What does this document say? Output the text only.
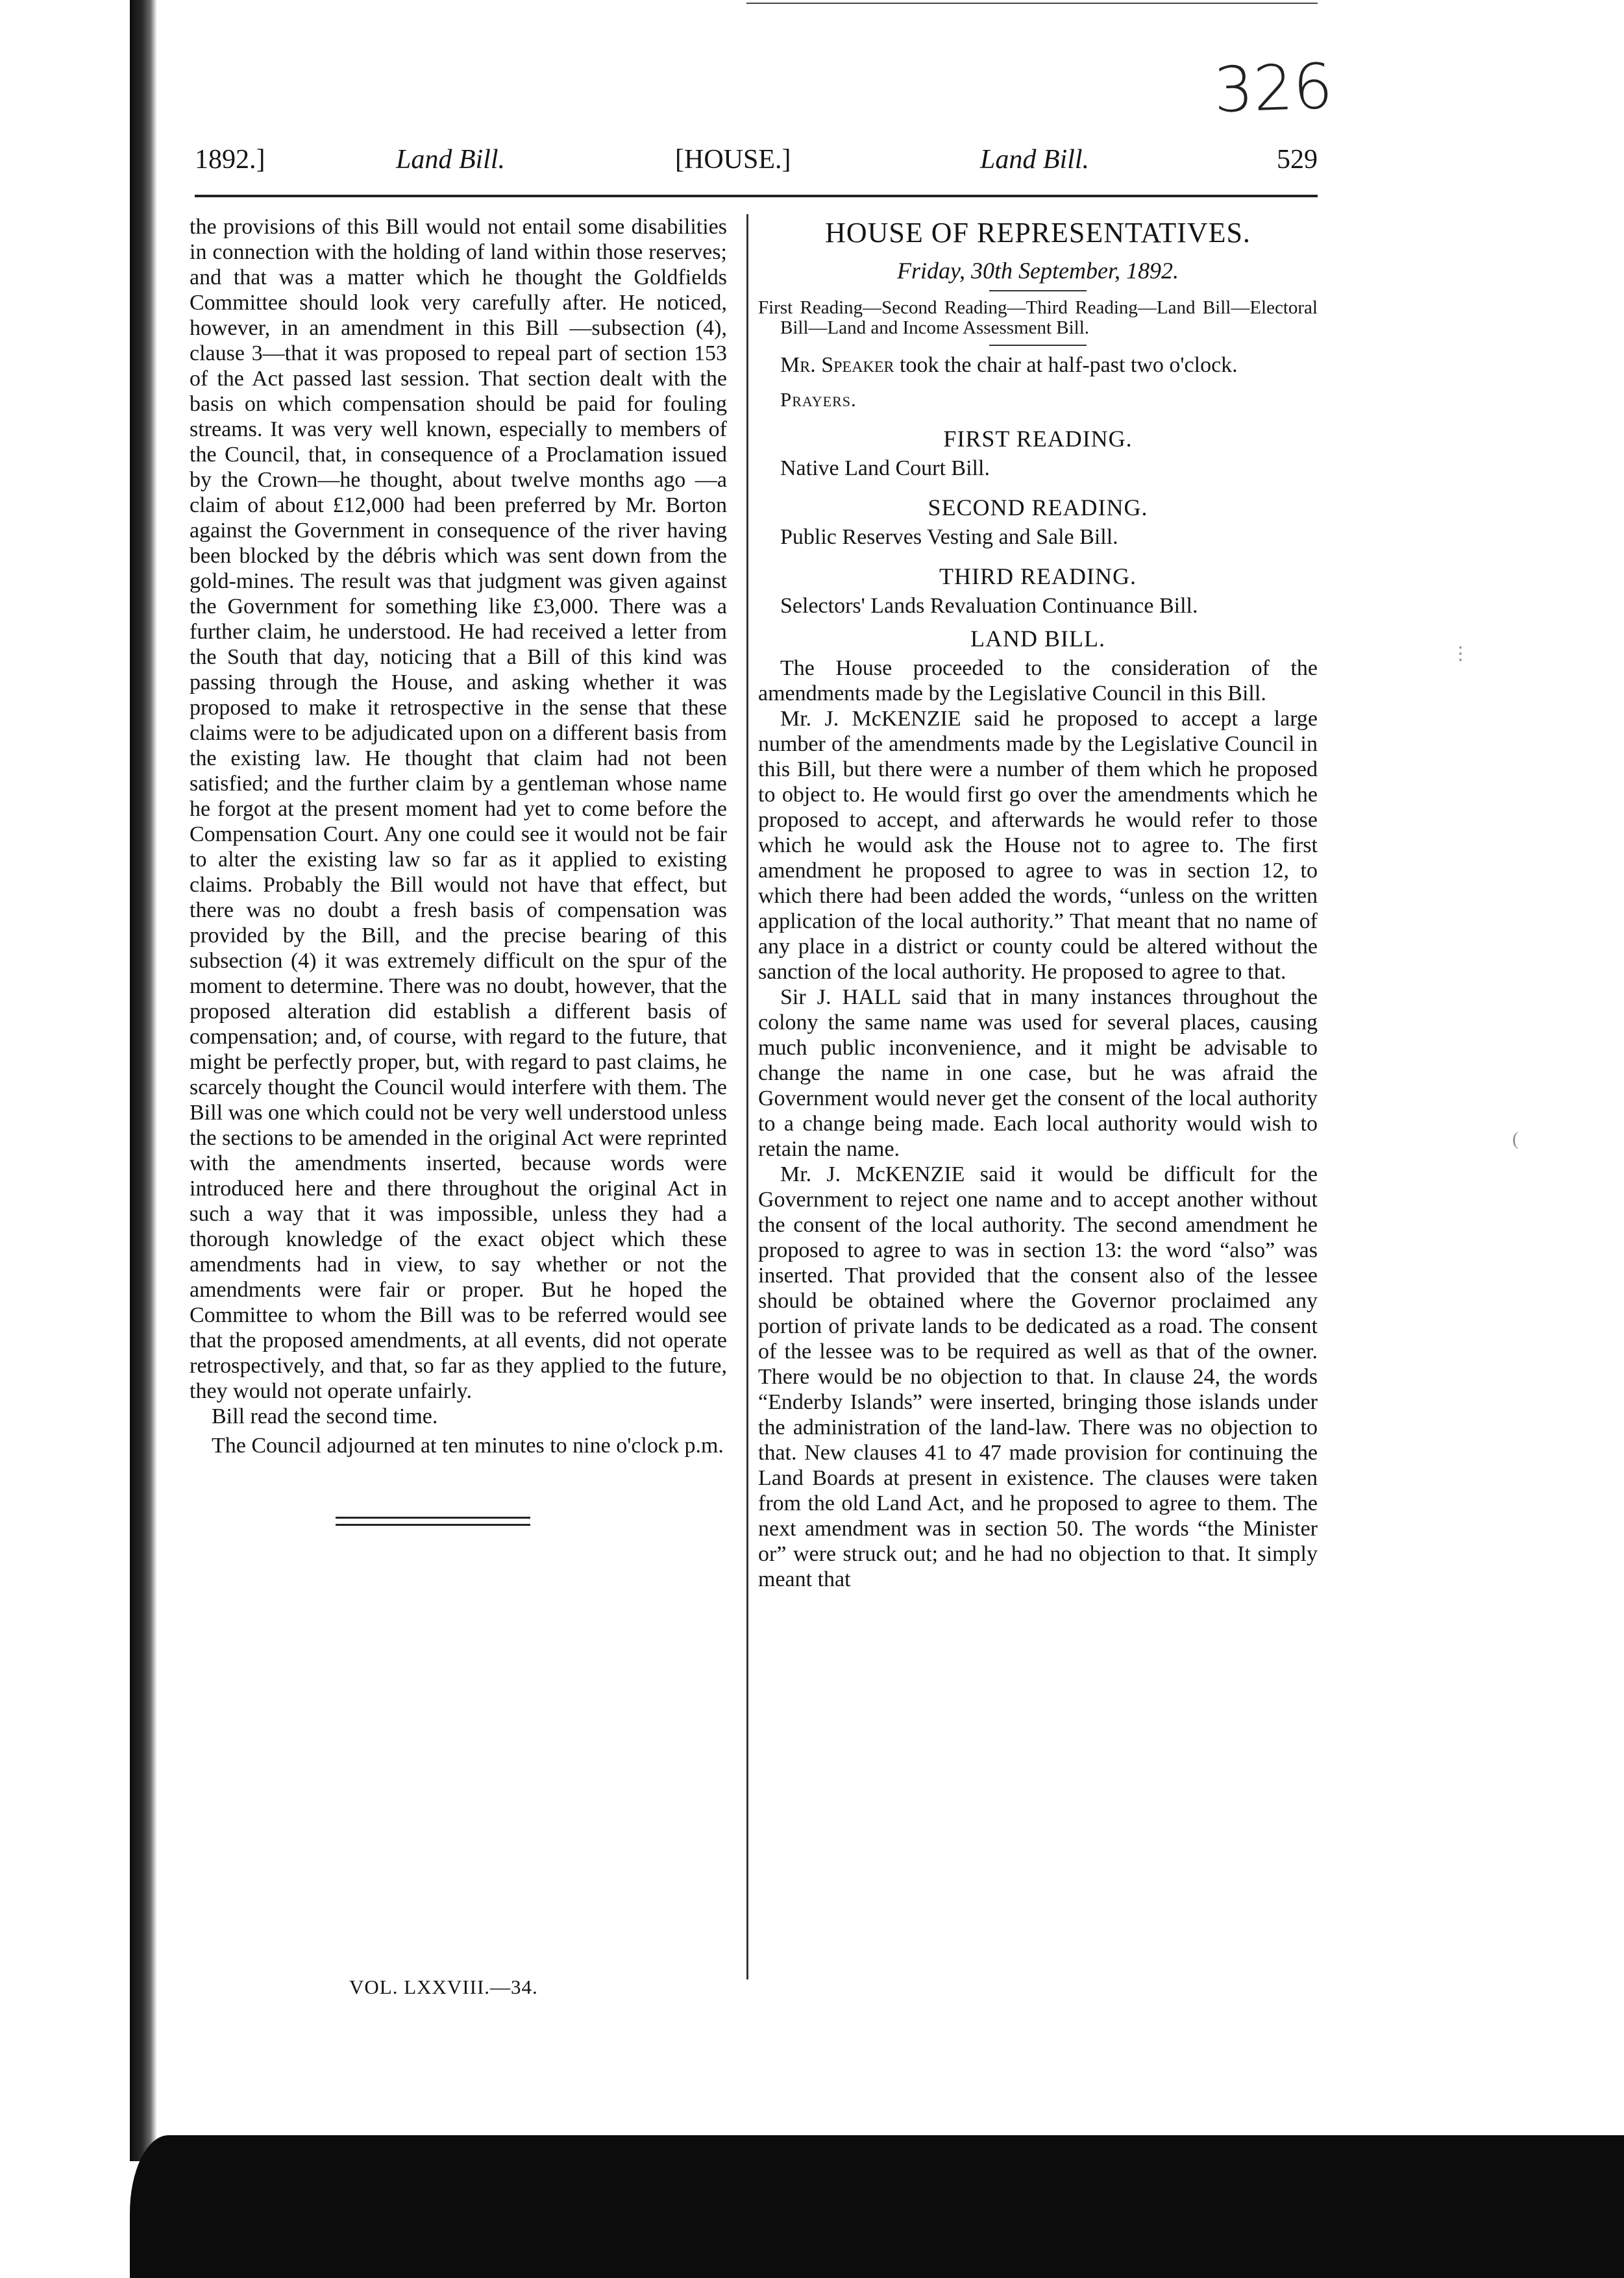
326
1892.]	Land Bill.	[HOUSE.]	Land Bill.	529

the provisions of this Bill would not entail some disabilities in connection with the holding of land within those reserves; and that was a matter which he thought the Goldfields Committee should look very carefully after. He noticed, however, in an amendment in this Bill —subsection (4), clause 3—that it was proposed to repeal part of section 153 of the Act passed last session. That section dealt with the basis on which compensation should be paid for fouling streams. It was very well known, especially to members of the Council, that, in consequence of a Proclamation issued by the Crown—he thought, about twelve months ago —a claim of about £12,000 had been preferred by Mr. Borton against the Government in consequence of the river having been blocked by the débris which was sent down from the gold-mines. The result was that judgment was given against the Government for something like £3,000. There was a further claim, he understood. He had received a letter from the South that day, noticing that a Bill of this kind was passing through the House, and asking whether it was proposed to make it retrospective in the sense that these claims were to be adjudicated upon on a different basis from the existing law. He thought that claim had not been satisfied; and the further claim by a gentleman whose name he forgot at the present moment had yet to come before the Compensation Court. Any one could see it would not be fair to alter the existing law so far as it applied to existing claims. Probably the Bill would not have that effect, but there was no doubt a fresh basis of compensation was provided by the Bill, and the precise bearing of this subsection (4) it was extremely difficult on the spur of the moment to determine. There was no doubt, however, that the proposed alteration did establish a different basis of compensation; and, of course, with regard to the future, that might be perfectly proper, but, with regard to past claims, he scarcely thought the Council would interfere with them. The Bill was one which could not be very well understood unless the sections to be amended in the original Act were reprinted with the amendments inserted, because words were introduced here and there throughout the original Act in such a way that it was impossible, unless they had a thorough knowledge of the exact object which these amendments had in view, to say whether or not the amendments were fair or proper. But he hoped the Committee to whom the Bill was to be referred would see that the proposed amendments, at all events, did not operate retrospectively, and that, so far as they applied to the future, they would not operate unfairly.

Bill read the second time.

The Council adjourned at ten minutes to nine o'clock p.m.

HOUSE OF REPRESENTATIVES.
Friday, 30th September, 1892.
First Reading—Second Reading—Third Reading—Land Bill—Electoral Bill—Land and Income Assessment Bill.

Mr. Speaker took the chair at half-past two o'clock.

Prayers.
FIRST READING.

Native Land Court Bill.

SECOND READING.

Public Reserves Vesting and Sale Bill.

THIRD READING.

Selectors' Lands Revaluation Continuance Bill.

LAND BILL.

The House proceeded to the consideration of the amendments made by the Legislative Council in this Bill.

Mr. J. McKENZIE said he proposed to accept a large number of the amendments made by the Legislative Council in this Bill, but there were a number of them which he proposed to object to. He would first go over the amendments which he proposed to accept, and afterwards he would refer to those which he would ask the House not to agree to. The first amendment he proposed to agree to was in section 12, to which there had been added the words, “unless on the written application of the local authority.” That meant that no name of any place in a district or county could be altered without the sanction of the local authority. He proposed to agree to that.

Sir J. HALL said that in many instances throughout the colony the same name was used for several places, causing much public inconvenience, and it might be advisable to change the name in one case, but he was afraid the Government would never get the consent of the local authority to a change being made. Each local authority would wish to retain the name.

Mr. J. McKENZIE said it would be difficult for the Government to reject one name and to accept another without the consent of the local authority. The second amendment he proposed to agree to was in section 13: the word “also” was inserted. That provided that the consent also of the lessee should be obtained where the Governor proclaimed any portion of private lands to be dedicated as a road. The consent of the lessee was to be required as well as that of the owner. There would be no objection to that. In clause 24, the words “Enderby Islands” were inserted, bringing those islands under the administration of the land-law. There was no objection to that. New clauses 41 to 47 made provision for continuing the Land Boards at present in existence. The clauses were taken from the old Land Act, and he proposed to agree to them. The next amendment was in section 50. The words “the Minister or” were struck out; and he had no objection to that. It simply meant that

VOL. LXXVIII.—34.
⋮
(
